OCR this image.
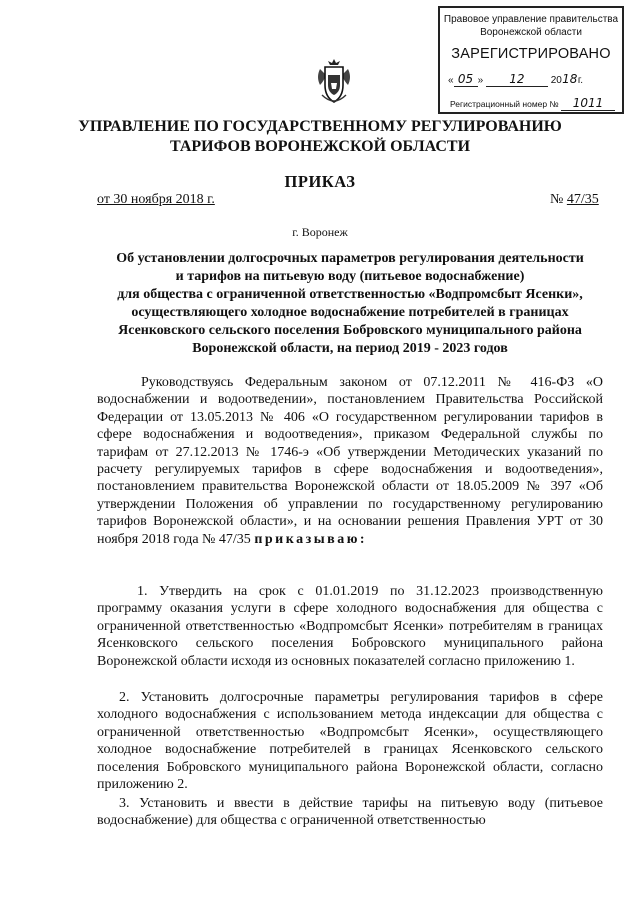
Правовое управление правительства
Воронежской области
ЗАРЕГИСТРИРОВАНО
« 05 » 12	2018г.
Регистрационный номер № 1011
УПРАВЛЕНИЕ ПО ГОСУДАРСТВЕННОМУ РЕГУЛИРОВАНИЮ
ТАРИФОВ ВОРОНЕЖСКОЙ ОБЛАСТИ
ПРИКАЗ
от 30 ноября 2018 г.	№ 47/35
г. Воронеж
Об установлении долгосрочных параметров регулирования деятельности
и тарифов на питьевую воду (питьевое водоснабжение)
для общества с ограниченной ответственностью «Водпромсбыт Ясенки»,
осуществляющего холодное водоснабжение потребителей в границах
Ясенковского сельского поселения Бобровского муниципального района
Воронежской области, на период 2019 - 2023 годов
Руководствуясь Федеральным законом от 07.12.2011 № 416-ФЗ «О водоснабжении и водоотведении», постановлением Правительства Российской Федерации от 13.05.2013 № 406 «О государственном регулировании тарифов в сфере водоснабжения и водоотведения», приказом Федеральной службы по тарифам от 27.12.2013 № 1746-э «Об утверждении Методических указаний по расчету регулируемых тарифов в сфере водоснабжения и водоотведения», постановлением правительства Воронежской области от 18.05.2009 № 397 «Об утверждении Положения об управлении по государственному регулированию тарифов Воронежской области», и на основании решения Правления УРТ от 30 ноября 2018 года № 47/35 приказываю:
1. Утвердить на срок с 01.01.2019 по 31.12.2023 производственную программу оказания услуги в сфере холодного водоснабжения для общества с ограниченной ответственностью «Водпромсбыт Ясенки» потребителям в границах Ясенковского сельского поселения Бобровского муниципального района Воронежской области исходя из основных показателей согласно приложению 1.
2. Установить долгосрочные параметры регулирования тарифов в сфере холодного водоснабжения с использованием метода индексации для общества с ограниченной ответственностью «Водпромсбыт Ясенки», осуществляющего холодное водоснабжение потребителей в границах Ясенковского сельского поселения Бобровского муниципального района Воронежской области, согласно приложению 2.
3. Установить и ввести в действие тарифы на питьевую воду (питьевое водоснабжение) для общества с ограниченной ответственностью
